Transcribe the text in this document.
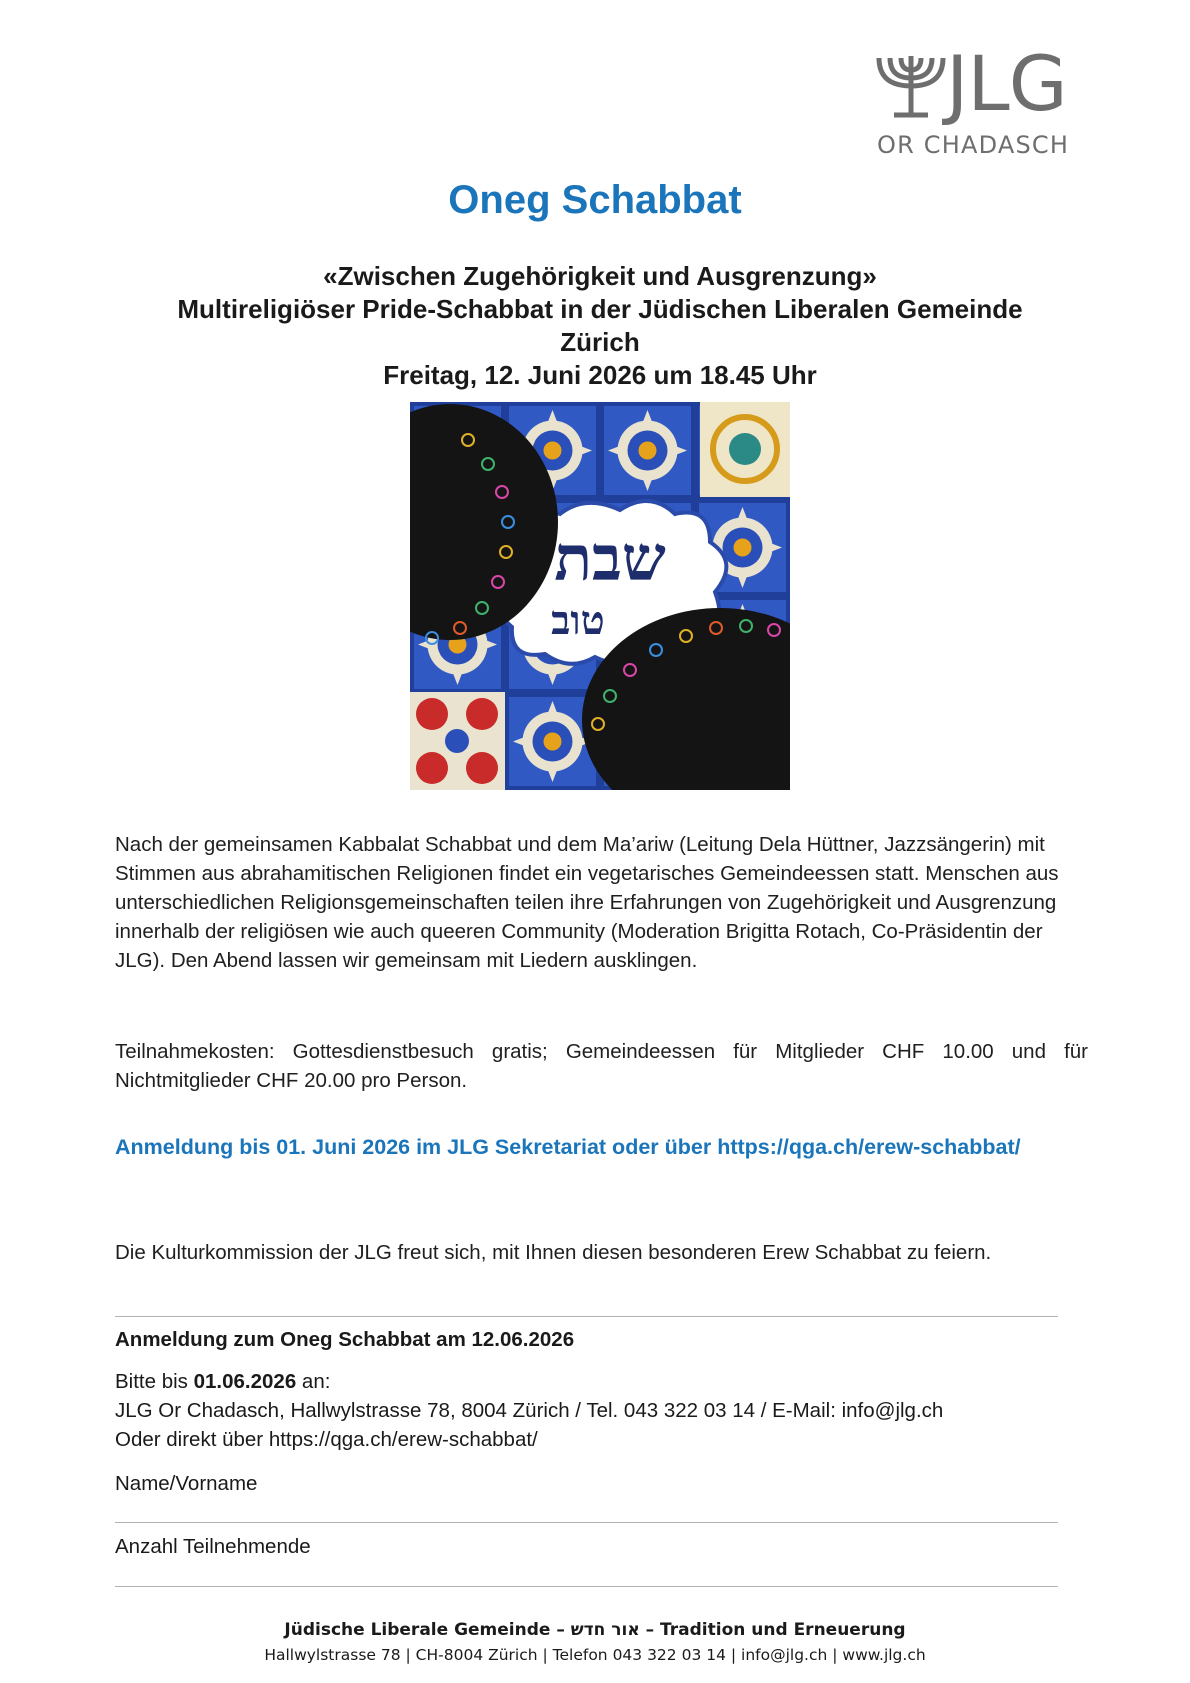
JLG
OR CHADASCH
Oneg Schabbat
«Zwischen Zugehörigkeit und Ausgrenzung»
Multireligiöser Pride-Schabbat in der Jüdischen Liberalen Gemeinde
Zürich
Freitag, 12. Juni 2026 um 18.45 Uhr
שבת
טוב
Nach der gemeinsamen Kabbalat Schabbat und dem Ma’ariw (Leitung Dela Hüttner, Jazzsängerin) mit Stimmen aus abrahamitischen Religionen findet ein vegetarisches Gemeindeessen statt. Menschen aus unterschiedlichen Religionsgemeinschaften teilen ihre Erfahrungen von Zugehörigkeit und Ausgrenzung innerhalb der religiösen wie auch queeren Community (Moderation Brigitta Rotach, Co-Präsidentin der JLG). Den Abend lassen wir gemeinsam mit Liedern ausklingen.
Teilnahmekosten: Gottesdienstbesuch gratis; Gemeindeessen für Mitglieder CHF 10.00 und für Nichtmitglieder CHF 20.00 pro Person.
Anmeldung bis 01. Juni 2026 im JLG Sekretariat oder über https://qga.ch/erew-schabbat/
Die Kulturkommission der JLG freut sich, mit Ihnen diesen besonderen Erew Schabbat zu feiern.
Anmeldung zum Oneg Schabbat am 12.06.2026
Bitte bis 01.06.2026 an:
JLG Or Chadasch, Hallwylstrasse 78, 8004 Zürich / Tel. 043 322 03 14 / E-Mail: info@jlg.ch
Oder direkt über https://qga.ch/erew-schabbat/
Name/Vorname
Anzahl Teilnehmende
Jüdische Liberale Gemeinde – אור חדש – Tradition und Erneuerung
Hallwylstrasse 78 | CH-8004 Zürich | Telefon 043 322 03 14 | info@jlg.ch | www.jlg.ch
